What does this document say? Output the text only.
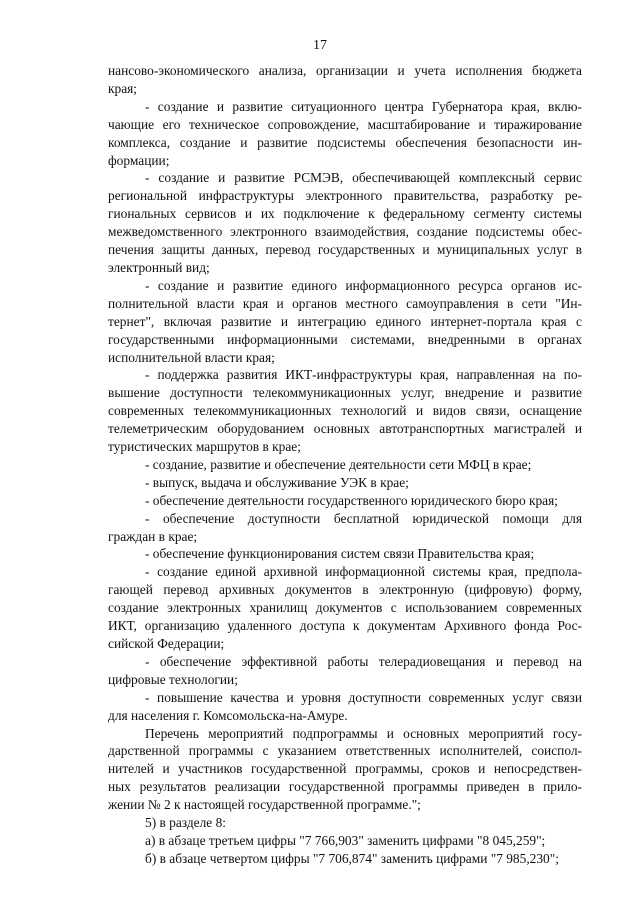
17
нансово-экономического анализа, организации и учета исполнения бюджета
края;
- создание и развитие ситуационного центра Губернатора края, вклю-
чающие его техническое сопровождение, масштабирование и тиражирование
комплекса, создание и развитие подсистемы обеспечения безопасности ин-
формации;
- создание и развитие РСМЭВ, обеспечивающей комплексный сервис
региональной инфраструктуры электронного правительства, разработку ре-
гиональных сервисов и их подключение к федеральному сегменту системы
межведомственного электронного взаимодействия, создание подсистемы обес-
печения защиты данных, перевод государственных и муниципальных услуг в
электронный вид;
- создание и развитие единого информационного ресурса органов ис-
полнительной власти края и органов местного самоуправления в сети "Ин-
тернет", включая развитие и интеграцию единого интернет-портала края с
государственными информационными системами, внедренными в органах
исполнительной власти края;
- поддержка развития ИКТ-инфраструктуры края, направленная на по-
вышение доступности телекоммуникационных услуг, внедрение и развитие
современных телекоммуникационных технологий и видов связи, оснащение
телеметрическим оборудованием основных автотранспортных магистралей и
туристических маршрутов в крае;
- создание, развитие и обеспечение деятельности сети МФЦ в крае;
- выпуск, выдача и обслуживание УЭК в крае;
- обеспечение деятельности государственного юридического бюро края;
- обеспечение доступности бесплатной юридической помощи для
граждан в крае;
- обеспечение функционирования систем связи Правительства края;
- создание единой архивной информационной системы края, предпола-
гающей перевод архивных документов в электронную (цифровую) форму,
создание электронных хранилищ документов с использованием современных
ИКТ, организацию удаленного доступа к документам Архивного фонда Рос-
сийской Федерации;
- обеспечение эффективной работы телерадиовещания и перевод на
цифровые технологии;
- повышение качества и уровня доступности современных услуг связи
для населения г. Комсомольска-на-Амуре.
Перечень мероприятий подпрограммы и основных мероприятий госу-
дарственной программы с указанием ответственных исполнителей, соиспол-
нителей и участников государственной программы, сроков и непосредствен-
ных результатов реализации государственной программы приведен в прило-
жении № 2 к настоящей государственной программе.";
5) в разделе 8:
а) в абзаце третьем цифры "7 766,903" заменить цифрами "8 045,259";
б) в абзаце четвертом цифры "7 706,874" заменить цифрами "7 985,230";
